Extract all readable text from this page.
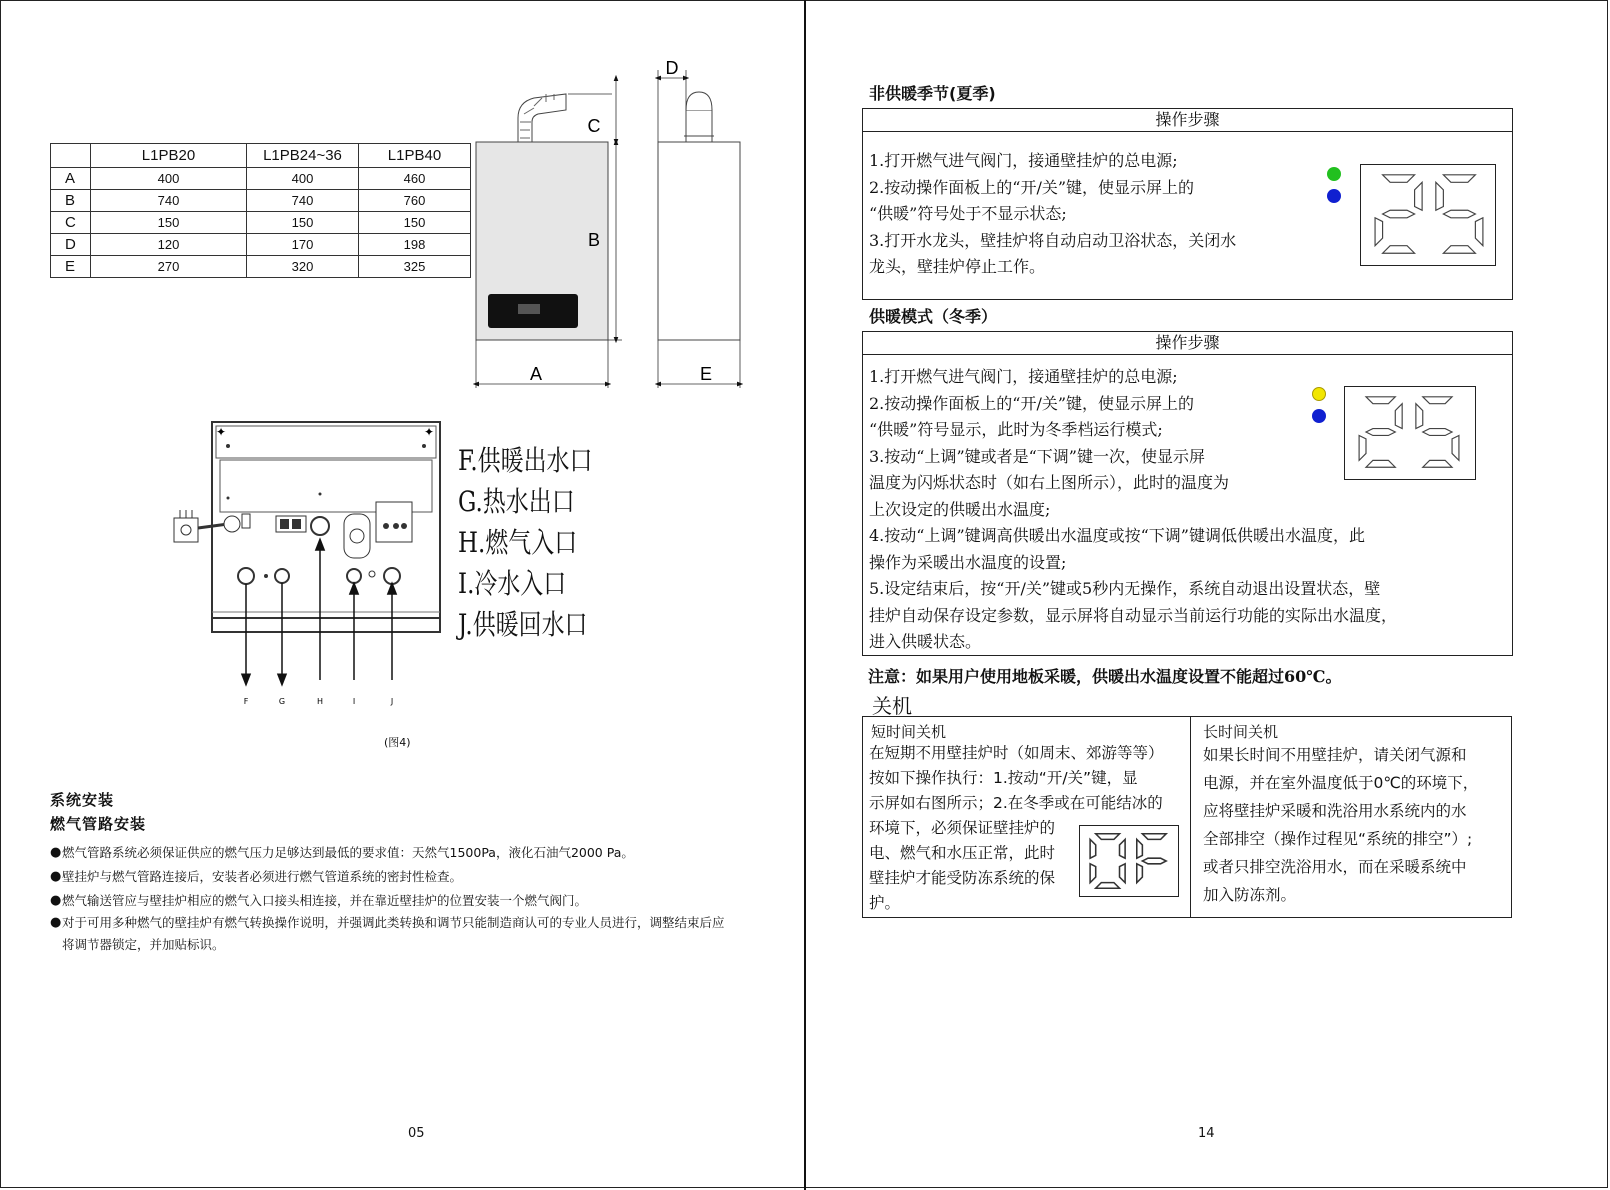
	L1PB20	L1PB24~36	L1PB40
A	400	400	460
B	740	740	760
C	150	150	150
D	120	170	198
E	270	320	325
D
C
B
A	E
✦	✦
F	G	H	I	J
F.供暖出水口
G.热水出口
H.燃气入口
I.冷水入口
J.供暖回水口
(图4)
系统安装
燃气管路安装
● 燃气管路系统必须保证供应的燃气压力足够达到最低的要求值：天然气1500Pa，液化石油气2000 Pa。
● 壁挂炉与燃气管路连接后，安装者必须进行燃气管道系统的密封性检查。
● 燃气输送管应与壁挂炉相应的燃气入口接头相连接，并在靠近壁挂炉的位置安装一个燃气阀门。
● 对于可用多种燃气的壁挂炉有燃气转换操作说明，并强调此类转换和调节只能制造商认可的专业人员进行，调整结束后应将调节器锁定，并加贴标识。
05
非供暖季节(夏季)
操作步骤
1.打开燃气进气阀门，接通壁挂炉的总电源;
2.按动操作面板上的“开/关”键，使显示屏上的
“供暖”符号处于不显示状态;
3.打开水龙头，壁挂炉将自动启动卫浴状态，关闭水
龙头，壁挂炉停止工作。
供暖模式（冬季）
操作步骤
1.打开燃气进气阀门，接通壁挂炉的总电源;
2.按动操作面板上的“开/关”键，使显示屏上的
“供暖”符号显示，此时为冬季档运行模式;
3.按动“上调”键或者是“下调”键一次，使显示屏
温度为闪烁状态时（如右上图所示），此时的温度为
上次设定的供暖出水温度;
4.按动“上调”键调高供暖出水温度或按“下调”键调低供暖出水温度，此
操作为采暖出水温度的设置;
5.设定结束后，按“开/关”键或5秒内无操作，系统自动退出设置状态，壁
挂炉自动保存设定参数，显示屏将自动显示当前运行功能的实际出水温度，
进入供暖状态。
注意：如果用户使用地板采暖，供暖出水温度设置不能超过60℃。
关机
短时间关机
在短期不用壁挂炉时（如周末、郊游等等）
按如下操作执行：1.按动“开/关”键，显
示屏如右图所示；2.在冬季或在可能结冰的
环境下，必须保证壁挂炉的
电、燃气和水压正常，此时
壁挂炉才能受防冻系统的保
护。
长时间关机
如果长时间不用壁挂炉，请关闭气源和
电源，并在室外温度低于0℃的环境下，
应将壁挂炉采暖和洗浴用水系统内的水
全部排空（操作过程见“系统的排空”）;
或者只排空洗浴用水，而在采暖系统中
加入防冻剂。
14
